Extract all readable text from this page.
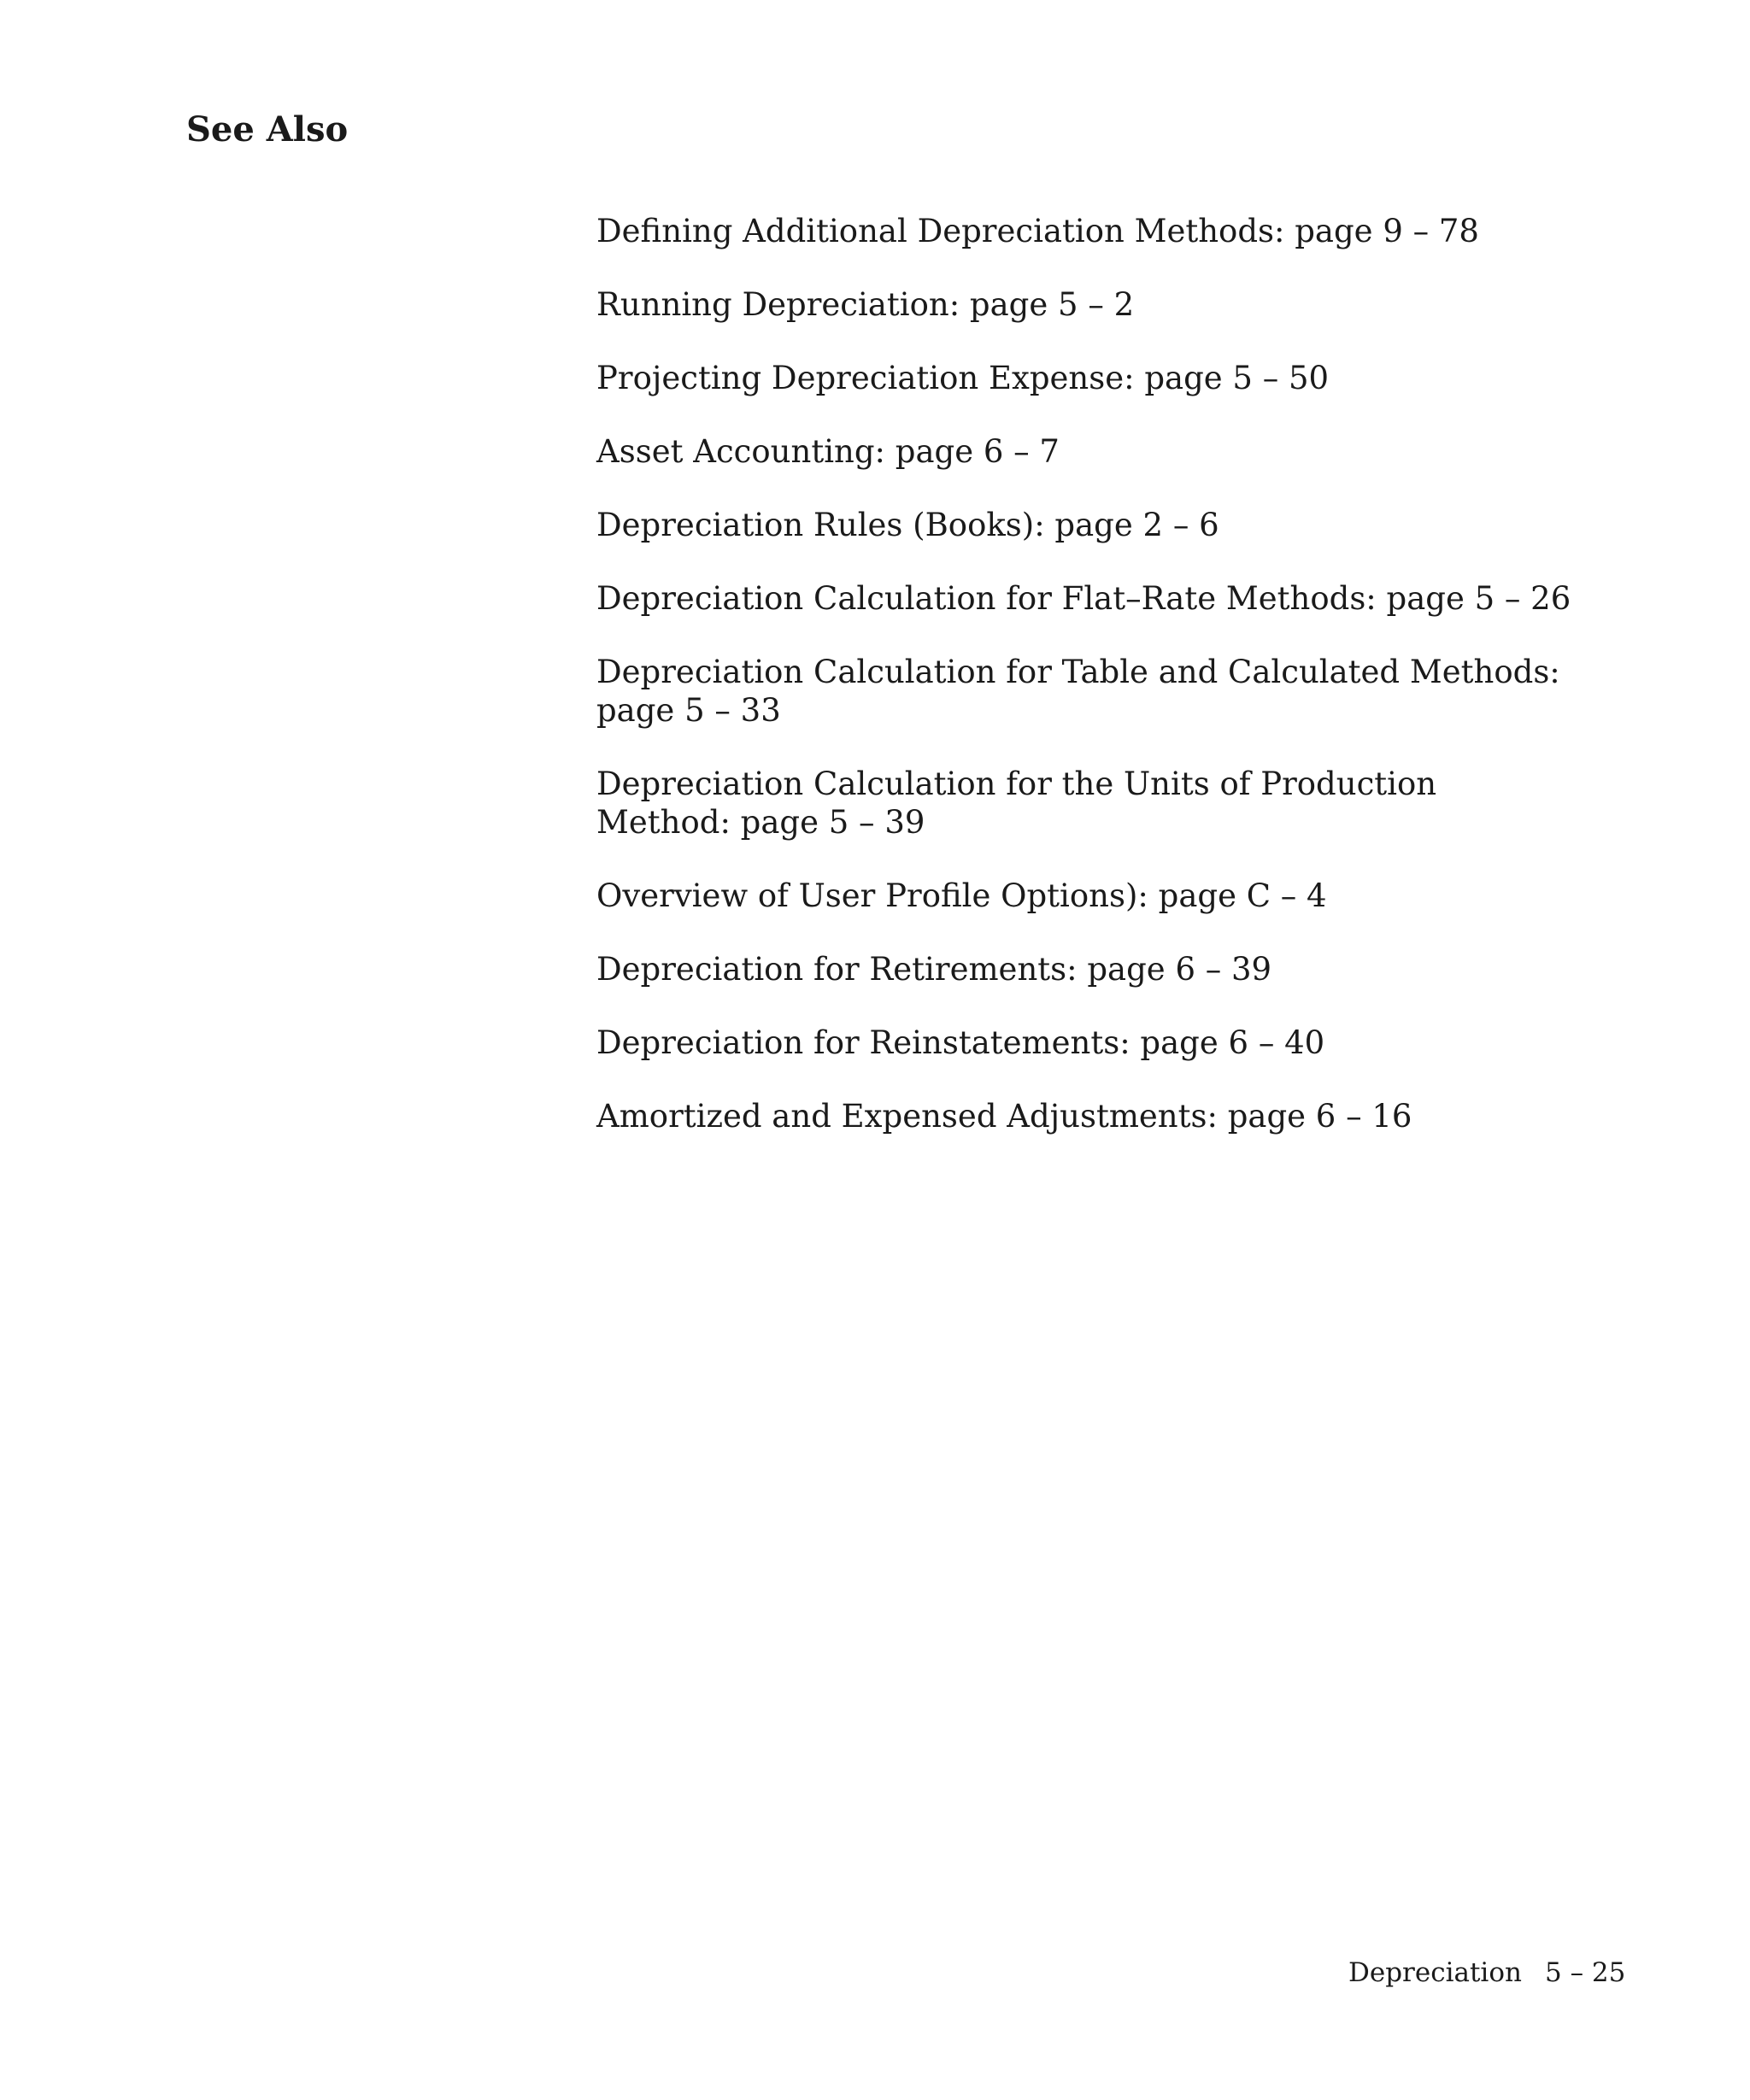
See Also
Defining Additional Depreciation Methods: page 9 – 78
Running Depreciation: page 5 – 2
Projecting Depreciation Expense: page 5 – 50
Asset Accounting: page 6 – 7
Depreciation Rules (Books): page 2 – 6
Depreciation Calculation for Flat–Rate Methods: page 5 – 26
Depreciation Calculation for Table and Calculated Methods: page 5 – 33
Depreciation Calculation for the Units of Production Method: page 5 – 39
Overview of User Profile Options): page C – 4
Depreciation for Retirements: page 6 – 39
Depreciation for Reinstatements: page 6 – 40
Amortized and Expensed Adjustments: page 6 – 16
Depreciation 5 – 25
